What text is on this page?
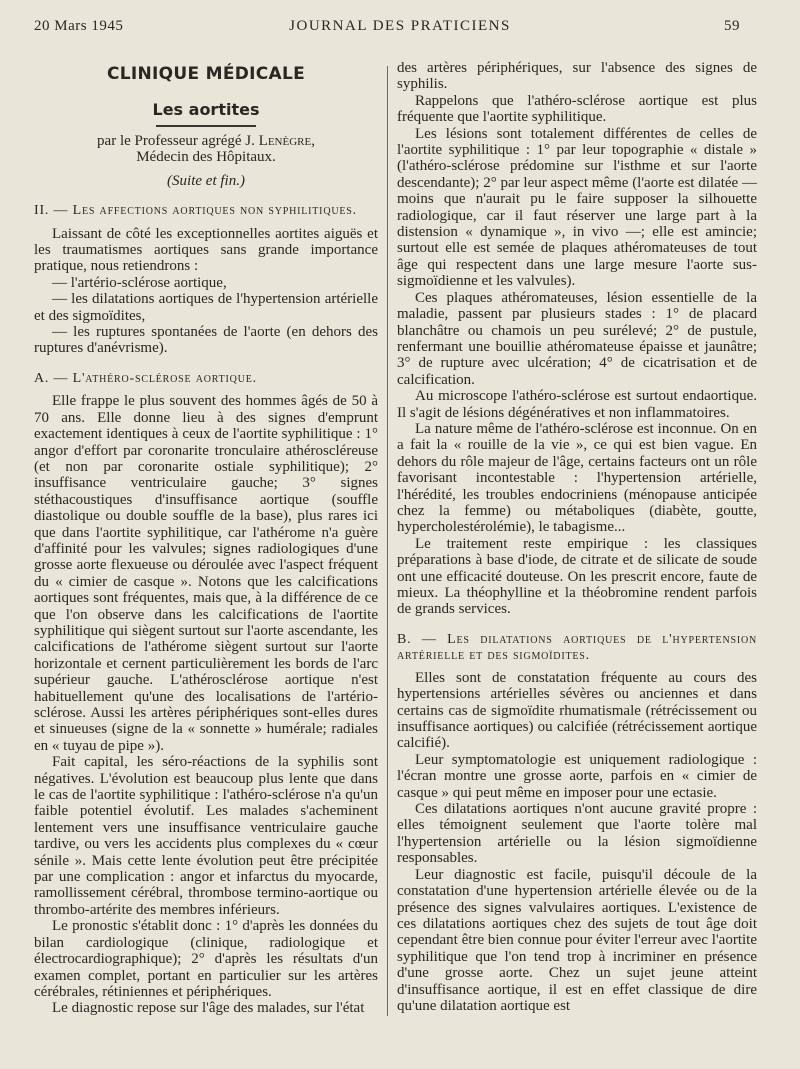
20 Mars 1945	JOURNAL DES PRATICIENS	59
CLINIQUE MÉDICALE
Les aortites
par le Professeur agrégé J. Lenègre,
Médecin des Hôpitaux.
(Suite et fin.)
II. — Les affections aortiques non syphilitiques.

Laissant de côté les exceptionnelles aortites aiguës et les traumatismes aortiques sans grande importance pratique, nous retiendrons :

— l'artério-sclérose aortique,

— les dilatations aortiques de l'hypertension artérielle et des sigmoïdites,

— les ruptures spontanées de l'aorte (en dehors des ruptures d'anévrisme).

A. — L'athéro-sclérose aortique.

Elle frappe le plus souvent des hommes âgés de 50 à 70 ans. Elle donne lieu à des signes d'emprunt exactement identiques à ceux de l'aortite syphilitique : 1° angor d'effort par coronarite tronculaire athéroscléreuse (et non par coronarite ostiale syphilitique); 2° insuffisance ventriculaire gauche; 3° signes stéthacoustiques d'insuffisance aortique (souffle diastolique ou double souffle de la base), plus rares ici que dans l'aortite syphilitique, car l'athérome n'a guère d'affinité pour les valvules; signes radiologiques d'une grosse aorte flexueuse ou déroulée avec l'aspect fréquent du « cimier de casque ». Notons que les calcifications aortiques sont fréquentes, mais que, à la différence de ce que l'on observe dans les calcifications de l'aortite syphilitique qui siègent surtout sur l'aorte ascendante, les calcifications de l'athérome siègent surtout sur l'aorte horizontale et cernent particulièrement les bords de l'arc supérieur gauche. L'athérosclérose aortique n'est habituellement qu'une des localisations de l'artério-sclérose. Aussi les artères périphériques sont-elles dures et sinueuses (signe de la « sonnette » humérale; radiales en « tuyau de pipe »).

Fait capital, les séro-réactions de la syphilis sont négatives. L'évolution est beaucoup plus lente que dans le cas de l'aortite syphilitique : l'athéro-sclérose n'a qu'un faible potentiel évolutif. Les malades s'acheminent lentement vers une insuffisance ventriculaire gauche tardive, ou vers les accidents plus complexes du « cœur sénile ». Mais cette lente évolution peut être précipitée par une complication : angor et infarctus du myocarde, ramollissement cérébral, thrombose termino-aortique ou thrombo-artérite des membres inférieurs.

Le pronostic s'établit donc : 1° d'après les données du bilan cardiologique (clinique, radiologique et électrocardiographique); 2° d'après les résultats d'un examen complet, portant en particulier sur les artères cérébrales, rétiniennes et périphériques.

Le diagnostic repose sur l'âge des malades, sur l'état

des artères périphériques, sur l'absence des signes de syphilis.

Rappelons que l'athéro-sclérose aortique est plus fréquente que l'aortite syphilitique.

Les lésions sont totalement différentes de celles de l'aortite syphilitique : 1° par leur topographie « distale » (l'athéro-sclérose prédomine sur l'isthme et sur l'aorte descendante); 2° par leur aspect même (l'aorte est dilatée — moins que n'aurait pu le faire supposer la silhouette radiologique, car il faut réserver une large part à la distension « dynamique », in vivo —; elle est amincie; surtout elle est semée de plaques athéromateuses de tout âge qui respectent dans une large mesure l'aorte sus-sigmoïdienne et les valvules).

Ces plaques athéromateuses, lésion essentielle de la maladie, passent par plusieurs stades : 1° de placard blanchâtre ou chamois un peu surélevé; 2° de pustule, renfermant une bouillie athéromateuse épaisse et jaunâtre; 3° de rupture avec ulcération; 4° de cicatrisation et de calcification.

Au microscope l'athéro-sclérose est surtout endaortique. Il s'agit de lésions dégénératives et non inflammatoires.

La nature même de l'athéro-sclérose est inconnue. On en a fait la « rouille de la vie », ce qui est bien vague. En dehors du rôle majeur de l'âge, certains facteurs ont un rôle favorisant incontestable : l'hypertension artérielle, l'hérédité, les troubles endocriniens (ménopause anticipée chez la femme) ou métaboliques (diabète, goutte, hypercholestérolémie), le tabagisme...

Le traitement reste empirique : les classiques préparations à base d'iode, de citrate et de silicate de soude ont une efficacité douteuse. On les prescrit encore, faute de mieux. La théophylline et la théobromine rendent parfois de grands services.

B. — Les dilatations aortiques de l'hypertension artérielle et des sigmoïdites.

Elles sont de constatation fréquente au cours des hypertensions artérielles sévères ou anciennes et dans certains cas de sigmoïdite rhumatismale (rétrécissement ou insuffisance aortiques) ou calcifiée (rétrécissement aortique calcifié).

Leur symptomatologie est uniquement radiologique : l'écran montre une grosse aorte, parfois en « cimier de casque » qui peut même en imposer pour une ectasie.

Ces dilatations aortiques n'ont aucune gravité propre : elles témoignent seulement que l'aorte tolère mal l'hypertension artérielle ou la lésion sigmoïdienne responsables.

Leur diagnostic est facile, puisqu'il découle de la constatation d'une hypertension artérielle élevée ou de la présence des signes valvulaires aortiques. L'existence de ces dilatations aortiques chez des sujets de tout âge doit cependant être bien connue pour éviter l'erreur avec l'aortite syphilitique que l'on tend trop à incriminer en présence d'une grosse aorte. Chez un sujet jeune atteint d'insuffisance aortique, il est en effet classique de dire qu'une dilatation aortique est
